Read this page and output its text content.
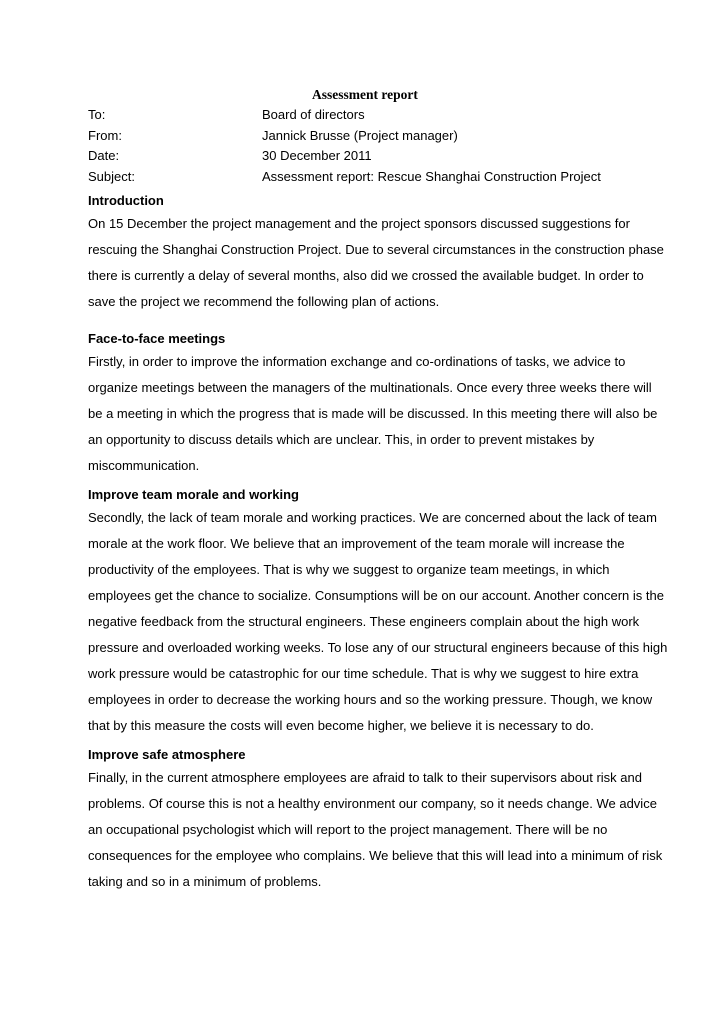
Assessment report
To:	Board of directors
From:	Jannick Brusse (Project manager)
Date:	30 December 2011
Subject:	Assessment report: Rescue Shanghai Construction Project
Introduction
On 15 December the project management and the project sponsors discussed suggestions for
rescuing the Shanghai Construction Project. Due to several circumstances in the construction phase
there is currently a delay of several months, also did we crossed the available budget. In order to
save the project we recommend the following plan of actions.
Face-to-face meetings
Firstly, in order to improve the information exchange and co-ordinations of tasks, we advice to
organize meetings between the managers of the multinationals. Once every three weeks there will
be a meeting in which the progress that is made will be discussed. In this meeting there will also be
an opportunity to discuss details which are unclear. This, in order to prevent mistakes by
miscommunication.
Improve team morale and working
Secondly, the lack of team morale and working practices. We are concerned about the lack of team
morale at the work floor. We believe that an improvement of the team morale will increase the
productivity of the employees. That is why we suggest to organize team meetings, in which
employees get the chance to socialize. Consumptions will be on our account. Another concern is the
negative feedback from the structural engineers. These engineers complain about the high work
pressure and overloaded working weeks. To lose any of our structural engineers because of this high
work pressure would be catastrophic for our time schedule. That is why we suggest to hire extra
employees in order to decrease the working hours and so the working pressure. Though, we know
that by this measure the costs will even become higher, we believe it is necessary to do.
Improve safe atmosphere
Finally, in the current atmosphere employees are afraid to talk to their supervisors about risk and
problems. Of course this is not a healthy environment our company, so it needs change. We advice
an occupational psychologist which will report to the project management. There will be no
consequences for the employee who complains. We believe that this will lead into a minimum of risk
taking and so in a minimum of problems.
